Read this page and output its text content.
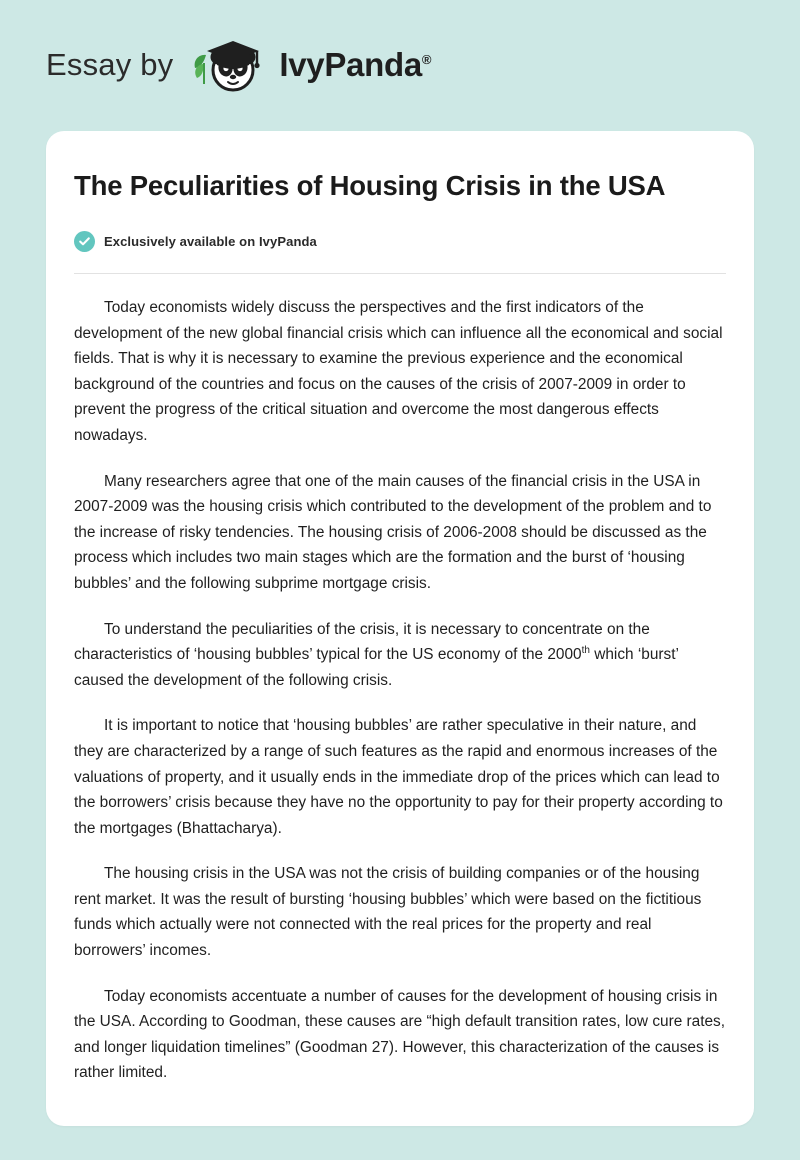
Essay by	IvyPanda®
The Peculiarities of Housing Crisis in the USA
Exclusively available on IvyPanda

Today economists widely discuss the perspectives and the first indicators of the development of the new global financial crisis which can influence all the economical and social fields. That is why it is necessary to examine the previous experience and the economical background of the countries and focus on the causes of the crisis of 2007-2009 in order to prevent the progress of the critical situation and overcome the most dangerous effects nowadays.

Many researchers agree that one of the main causes of the financial crisis in the USA in 2007-2009 was the housing crisis which contributed to the development of the problem and to the increase of risky tendencies. The housing crisis of 2006-2008 should be discussed as the process which includes two main stages which are the formation and the burst of ‘housing bubbles’ and the following subprime mortgage crisis.

To understand the peculiarities of the crisis, it is necessary to concentrate on the characteristics of ‘housing bubbles’ typical for the US economy of the 2000th which ‘burst’ caused the development of the following crisis.

It is important to notice that ‘housing bubbles’ are rather speculative in their nature, and they are characterized by a range of such features as the rapid and enormous increases of the valuations of property, and it usually ends in the immediate drop of the prices which can lead to the borrowers’ crisis because they have no the opportunity to pay for their property according to the mortgages (Bhattacharya).

The housing crisis in the USA was not the crisis of building companies or of the housing rent market. It was the result of bursting ‘housing bubbles’ which were based on the fictitious funds which actually were not connected with the real prices for the property and real borrowers’ incomes.

Today economists accentuate a number of causes for the development of housing crisis in the USA. According to Goodman, these causes are “high default transition rates, low cure rates, and longer liquidation timelines” (Goodman 27). However, this characterization of the causes is rather limited.
